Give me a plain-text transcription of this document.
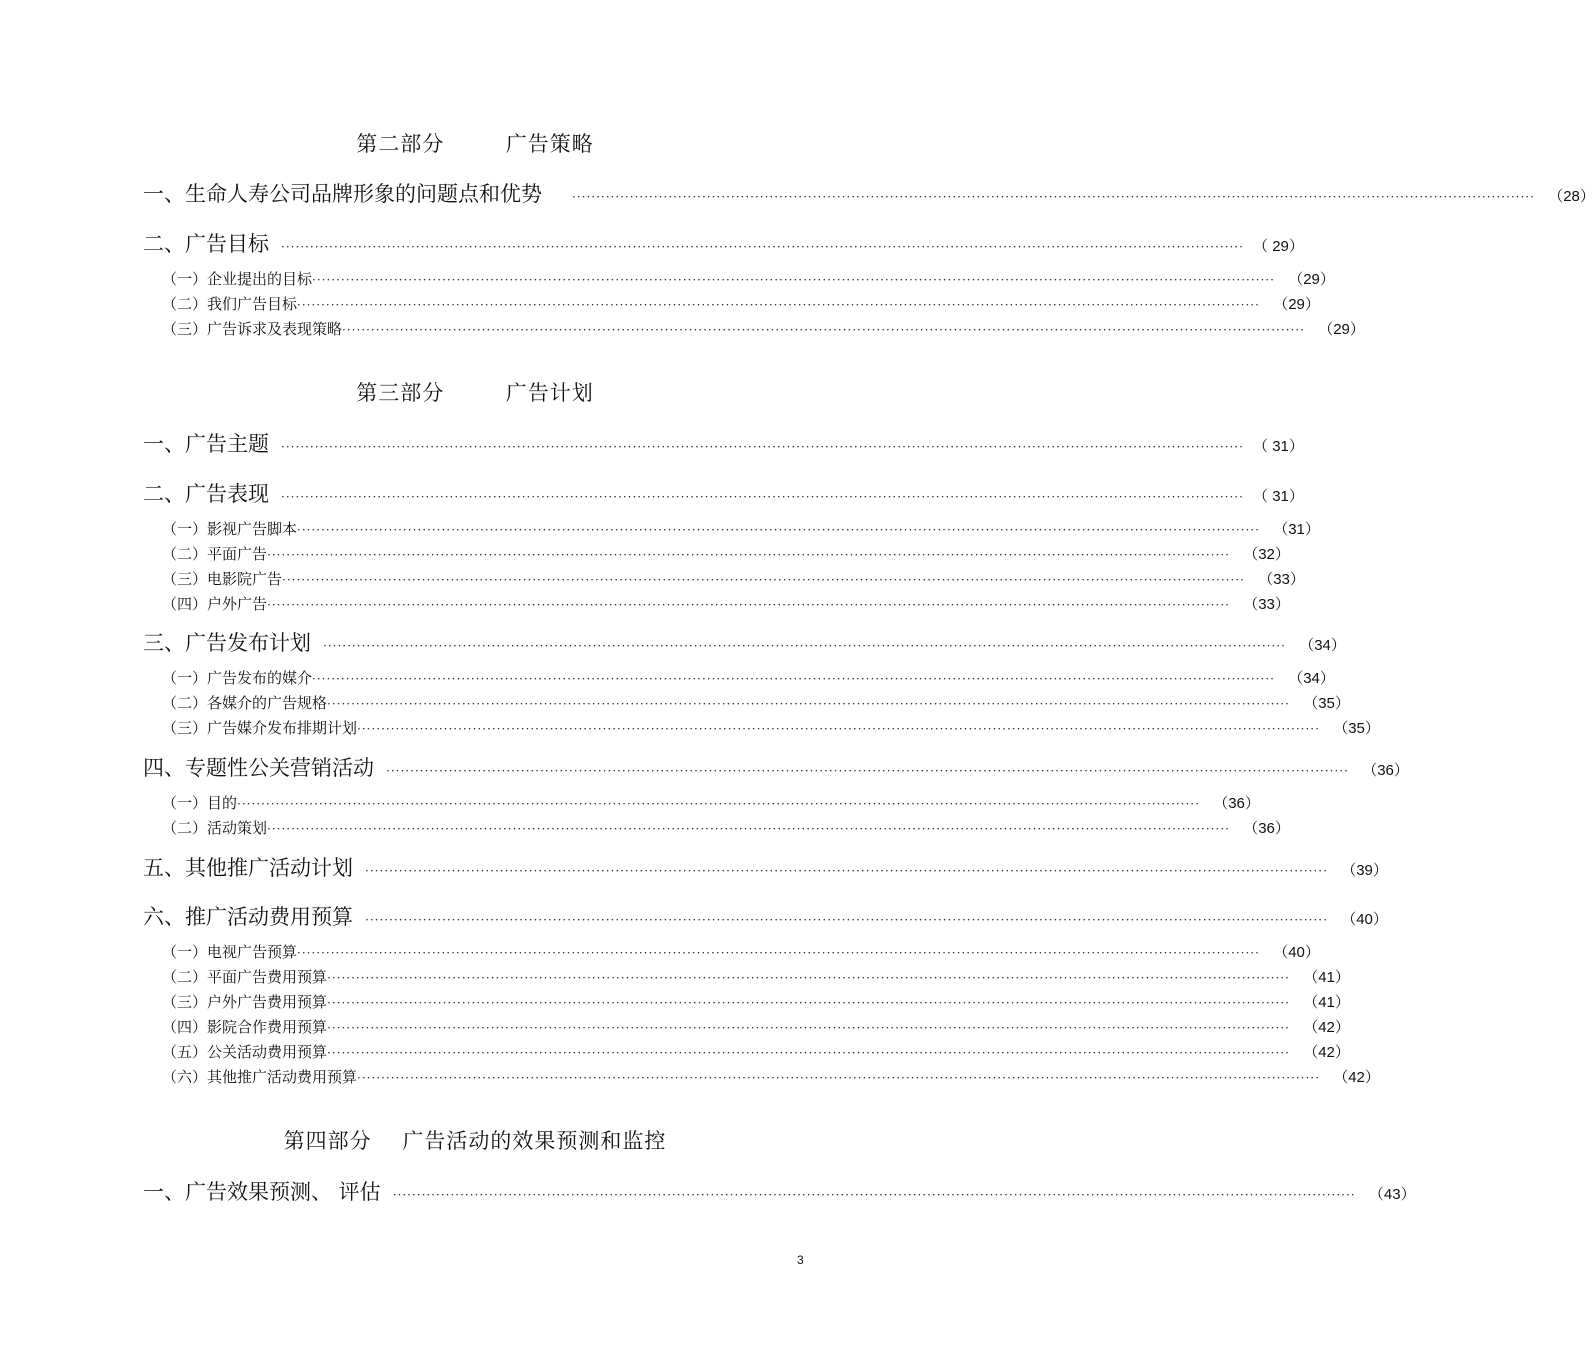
3
第二部分        广告策略
第三部分        广告计划
第四部分    广告活动的效果预测和监控
一、生命人寿公司品牌形象的问题点和优势	········································································································································································································ （28）
二、广告目标	········································································································································································································ （ 29）
（一）企业提出的目标 ········································································································································································································ （29）
（二）我们广告目标 ········································································································································································································ （29）
（三）广告诉求及表现策略 ········································································································································································································ （29）
一、广告主题	········································································································································································································ （ 31）
二、广告表现	········································································································································································································ （ 31）
（一）影视广告脚本 ········································································································································································································ （31）
（二）平面广告 ········································································································································································································ （32）
（三）电影院广告 ········································································································································································································ （33）
（四）户外广告 ········································································································································································································ （33）
三、广告发布计划	········································································································································································································ （34）
（一）广告发布的媒介 ········································································································································································································ （34）
（二）各媒介的广告规格 ········································································································································································································ （35）
（三）广告媒介发布排期计划 ········································································································································································································ （35）
四、专题性公关营销活动	········································································································································································································ （36）
（一）目的 ········································································································································································································ （36）
（二）活动策划 ········································································································································································································ （36）
五、其他推广活动计划	········································································································································································································ （39）
六、推广活动费用预算	········································································································································································································ （40）
（一）电视广告预算 ········································································································································································································ （40）
（二）平面广告费用预算 ········································································································································································································ （41）
（三）户外广告费用预算 ········································································································································································································ （41）
（四）影院合作费用预算 ········································································································································································································ （42）
（五）公关活动费用预算 ········································································································································································································ （42）
（六）其他推广活动费用预算 ········································································································································································································ （42）
一、广告效果预测、 评估	········································································································································································································ （43）
